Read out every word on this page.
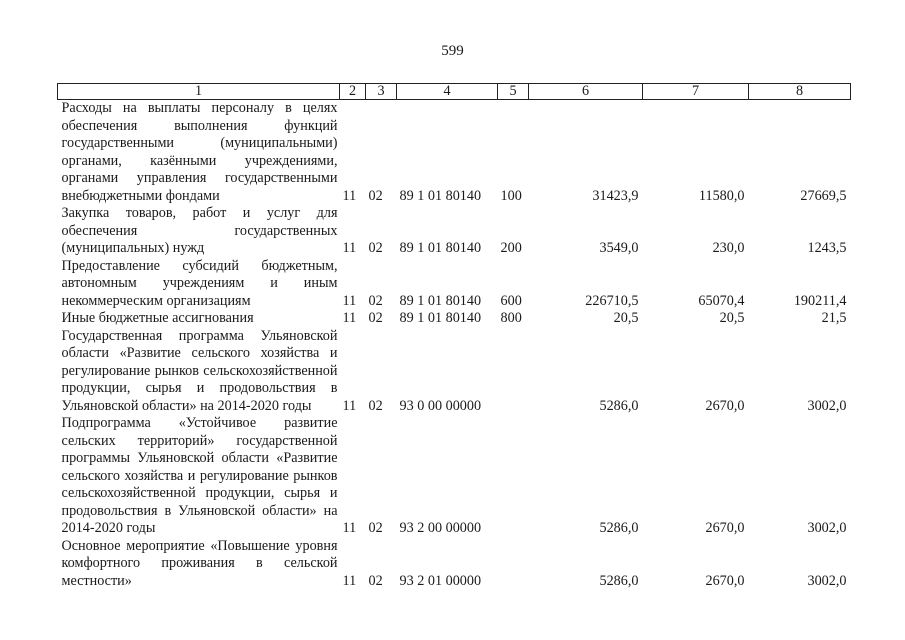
599
1	2	3	4	5	6	7	8
Расходы на выплаты персоналу в целях обеспечения выполнения функций государственными (муниципальными) органами, казёнными учреждениями, органами управления государственными внебюджетными фондами	11	02	89 1 01 80140	100	31423,9	11580,0	27669,5
Закупка товаров, работ и услуг для обеспечения государственных (муниципальных) нужд	11	02	89 1 01 80140	200	3549,0	230,0	1243,5
Предоставление субсидий бюджетным, автономным учреждениям и иным некоммерческим организациям	11	02	89 1 01 80140	600	226710,5	65070,4	190211,4
Иные бюджетные ассигнования	11	02	89 1 01 80140	800	20,5	20,5	21,5
Государственная программа Ульяновской области «Развитие сельского хозяйства и регулирование рынков сельскохозяйственной продукции, сырья и продовольствия в Ульяновской области» на 2014-2020 годы	11	02	93 0 00 00000		5286,0	2670,0	3002,0
Подпрограмма «Устойчивое развитие сельских территорий» государственной программы Ульяновской области «Развитие сельского хозяйства и регулирование рынков сельскохозяйственной продукции, сырья и продовольствия в Ульяновской области» на 2014-2020 годы	11	02	93 2 00 00000		5286,0	2670,0	3002,0
Основное мероприятие «Повышение уровня комфортного проживания в сельской местности»	11	02	93 2 01 00000		5286,0	2670,0	3002,0
